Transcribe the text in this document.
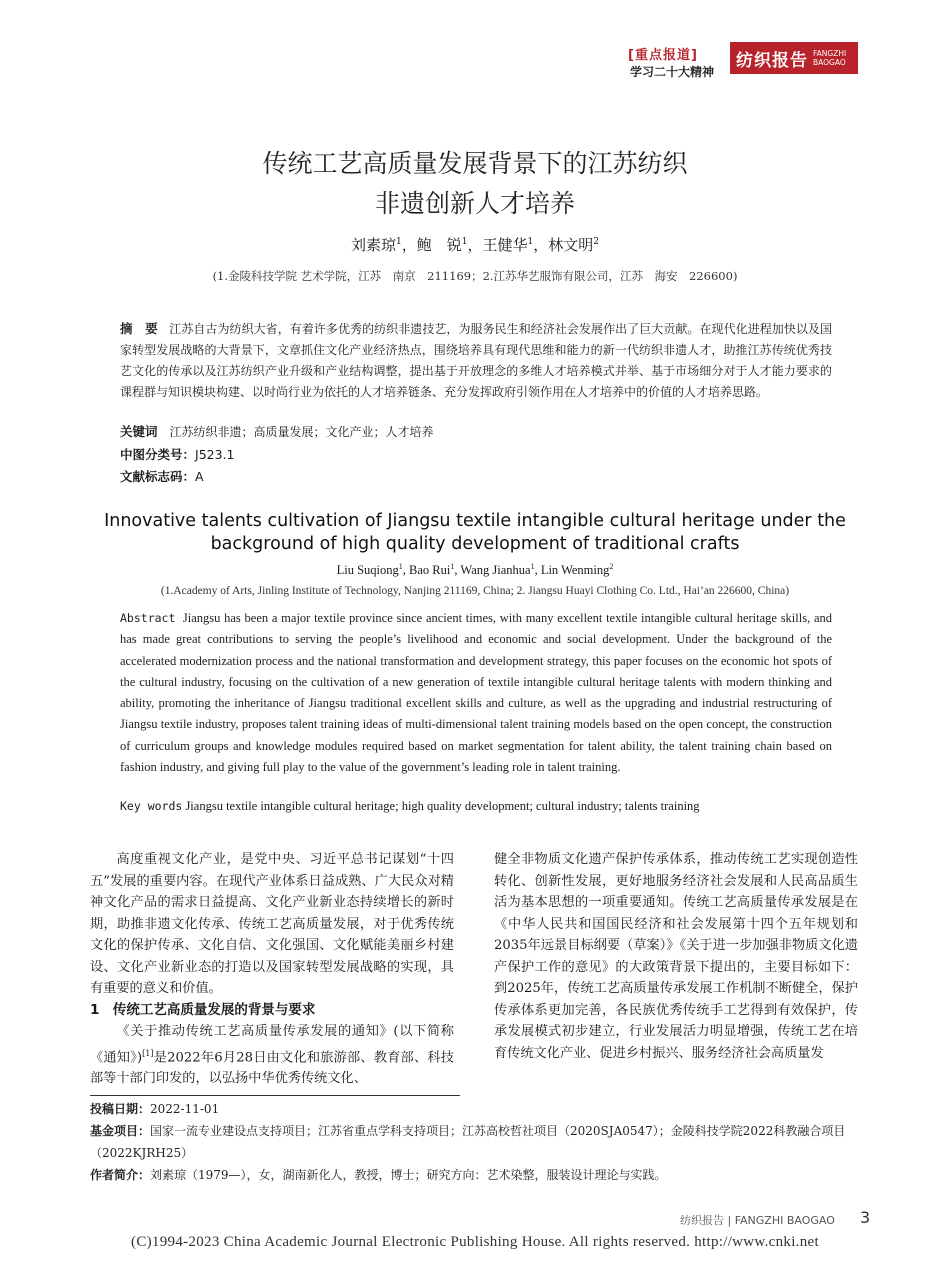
[重点报道]
学习二十大精神
纺织报告 FANGZHI
BAOGAO
传统工艺高质量发展背景下的江苏纺织
非遗创新人才培养
刘素琼$^1$，鲍　锐$^1$，王健华$^1$，林文明$^2$
(1.金陵科技学院 艺术学院，江苏　南京　211169；2.江苏华艺服饰有限公司，江苏　海安　226600)
摘　要 江苏自古为纺织大省，有着许多优秀的纺织非遗技艺，为服务民生和经济社会发展作出了巨大贡献。在现代化进程加快以及国家转型发展战略的大背景下，文章抓住文化产业经济热点，围绕培养具有现代思维和能力的新一代纺织非遗人才，助推江苏传统优秀技艺文化的传承以及江苏纺织产业升级和产业结构调整，提出基于开放理念的多维人才培养模式并举、基于市场细分对于人才能力要求的课程群与知识模块构建、以时尚行业为依托的人才培养链条、充分发挥政府引领作用在人才培养中的价值的人才培养思路。
关键词 江苏纺织非遗；高质量发展；文化产业；人才培养
中图分类号：J523.1
文献标志码：A
Innovative talents cultivation of Jiangsu textile intangible cultural heritage under the background of high quality development of traditional crafts
Liu Suqiong$^1$, Bao Rui$^1$, Wang Jianhua$^1$, Lin Wenming$^2$
(1.Academy of Arts, Jinling Institute of Technology, Nanjing 211169, China; 2. Jiangsu Huayi Clothing Co. Ltd., Hai’an 226600, China)
Abstract Jiangsu has been a major textile province since ancient times, with many excellent textile intangible cultural heritage skills, and has made great contributions to serving the people’s livelihood and economic and social development. Under the background of the accelerated modernization process and the national transformation and development strategy, this paper focuses on the economic hot spots of the cultural industry, focusing on the cultivation of a new generation of textile intangible cultural heritage talents with modern thinking and ability, promoting the inheritance of Jiangsu traditional excellent skills and culture, as well as the upgrading and industrial restructuring of Jiangsu textile industry, proposes talent training ideas of multi-dimensional talent training models based on the open concept, the construction of curriculum groups and knowledge modules required based on market segmentation for talent ability, the talent training chain based on fashion industry, and giving full play to the value of the government’s leading role in talent training.
Key words Jiangsu textile intangible cultural heritage; high quality development; cultural industry; talents training

高度重视文化产业，是党中央、习近平总书记谋划“十四五”发展的重要内容。在现代产业体系日益成熟、广大民众对精神文化产品的需求日益提高、文化产业新业态持续增长的新时期，助推非遗文化传承、传统工艺高质量发展，对于优秀传统文化的保护传承、文化自信、文化强国、文化赋能美丽乡村建设、文化产业新业态的打造以及国家转型发展战略的实现，具有重要的意义和价值。

1　传统工艺高质量发展的背景与要求

《关于推动传统工艺高质量传承发展的通知》(以下简称《通知》)[1]是2022年6月28日由文化和旅游部、教育部、科技部等十部门印发的，以弘扬中华优秀传统文化、

健全非物质文化遗产保护传承体系，推动传统工艺实现创造性转化、创新性发展，更好地服务经济社会发展和人民高品质生活为基本思想的一项重要通知。传统工艺高质量传承发展是在《中华人民共和国国民经济和社会发展第十四个五年规划和2035年远景目标纲要（草案）》《关于进一步加强非物质文化遗产保护工作的意见》的大政策背景下提出的，主要目标如下：到2025年，传统工艺高质量传承发展工作机制不断健全，保护传承体系更加完善，各民族优秀传统手工艺得到有效保护，传承发展模式初步建立，行业发展活力明显增强，传统工艺在培育传统文化产业、促进乡村振兴、服务经济社会高质量发

投稿日期：2022-11-01
基金项目：国家一流专业建设点支持项目；江苏省重点学科支持项目；江苏高校哲社项目（2020SJA0547）；金陵科技学院2022科教融合项目（2022KJRH25）
作者简介：刘素琼（1979—），女，湖南新化人，教授，博士；研究方向：艺术染整，服装设计理论与实践。
纺织报告 | FANGZHI BAOGAO 3
(C)1994-2023 China Academic Journal Electronic Publishing House. All rights reserved. http://www.cnki.net
